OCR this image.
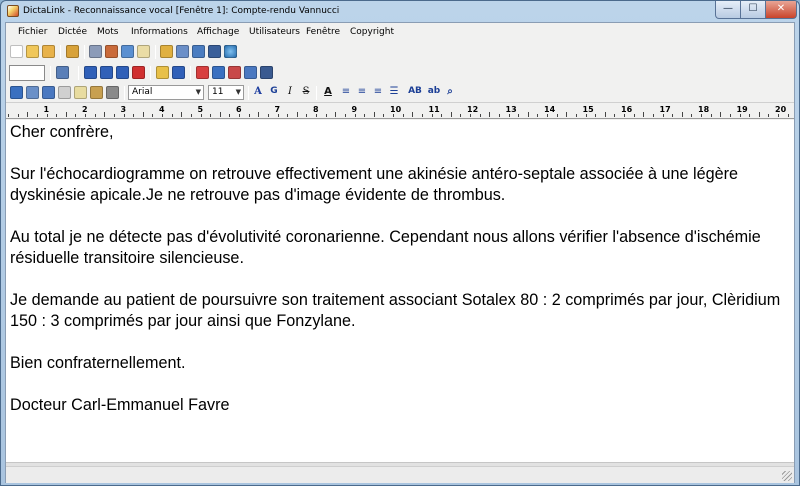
DictaLink - Reconnaissance vocal [Fenêtre 1]: Compte-rendu Vannucci	—	☐	✕
Fichier Dictée Mots Informations Affichage Utilisateurs Fenêtre Copyright
Arial	▼	11 ▼ A G	I	S A ≡ ≡ ≡ ☰ AB ab ⌕
1	2	3	4	5	6	7	8	9	10	11	12	13	14	15	16	17	18	19	20

Cher confrère,

Sur l'échocardiogramme on retrouve effectivement une akinésie antéro-septale associée à une légère dyskinésie apicale.Je ne retrouve pas d'image évidente de thrombus.

Au total je ne détecte pas d'évolutivité coronarienne. Cependant nous allons vérifier l'absence d'ischémie résiduelle transitoire silencieuse.

Je demande au patient de poursuivre son traitement associant Sotalex 80 : 2 comprimés par jour, Clèridium 150 : 3 comprimés par jour ainsi que Fonzylane.

Bien confraternellement.

Docteur Carl-Emmanuel Favre
